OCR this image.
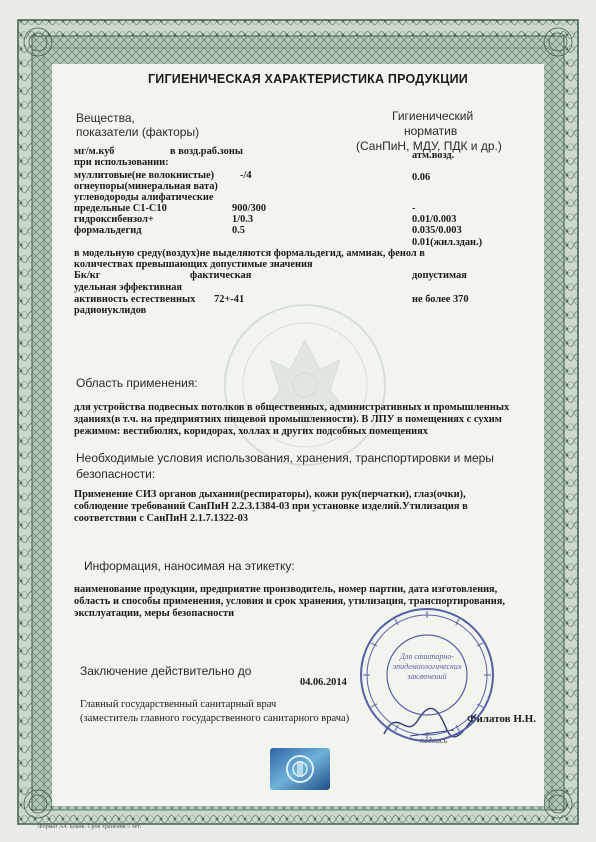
ГИГИЕНИЧЕСКАЯ ХАРАКТЕРИСТИКА ПРОДУКЦИИ
Вещества,
показатели (факторы)
Гигиенический
норматив
(СанПиН, МДУ, ПДК и др.)
мг/м.куб	в возд.раб.зоны	атм.возд.
при использовании:
муллитовые(не волокнистые) -/4	0.06
огнеупоры(минеральная вата)
углеводороды алифатические
предельные С1-С10	900/300	-
гидроксибензол+	1/0.3	0.01/0.003
формальдегид	0.5	0.035/0.003
0.01(жил.здан.)
в модельную среду(воздух)не выделяются формальдегид, аммиак, фенол в
количествах превышающих допустимые значения
Бк/кг	фактическая	допустимая
удельная эффективная
активность естественных 72+-41	не более 370
радионуклидов
Область применения:
для устройства подвесных потолков в общественных, административных и промышленных зданиях(в т.ч. на предприятиях пищевой промышленности). В ЛПУ в помещениях с сухим режимом: вестибюлях, коридорах, холлах и других подсобных помещениях
Необходимые условия использования, хранения, транспортировки и меры
безопасности:
Применение СИЗ органов дыхания(респираторы), кожи рук(перчатки), глаз(очки), соблюдение требований СанПиН 2.2.3.1384-03 при установке изделий.Утилизация в соответствии с СанПиН 2.1.7.1322-03
Информация, наносимая на этикетку:
наименование продукции, предприятие производитель, номер партии, дата изготовления, область и способы применения, условия и срок хранения, утилизация, транспортирования, эксплуатации, меры безопасности
Заключение действительно до
04.06.2014
Главный государственный санитарный врач
(заместитель главного государственного санитарного врача)	Филатов Н.Н.
подпись
Для санитарно-эпидемиологических заключений
Формат А4. Бланк. Срок хранения 5 лет.
